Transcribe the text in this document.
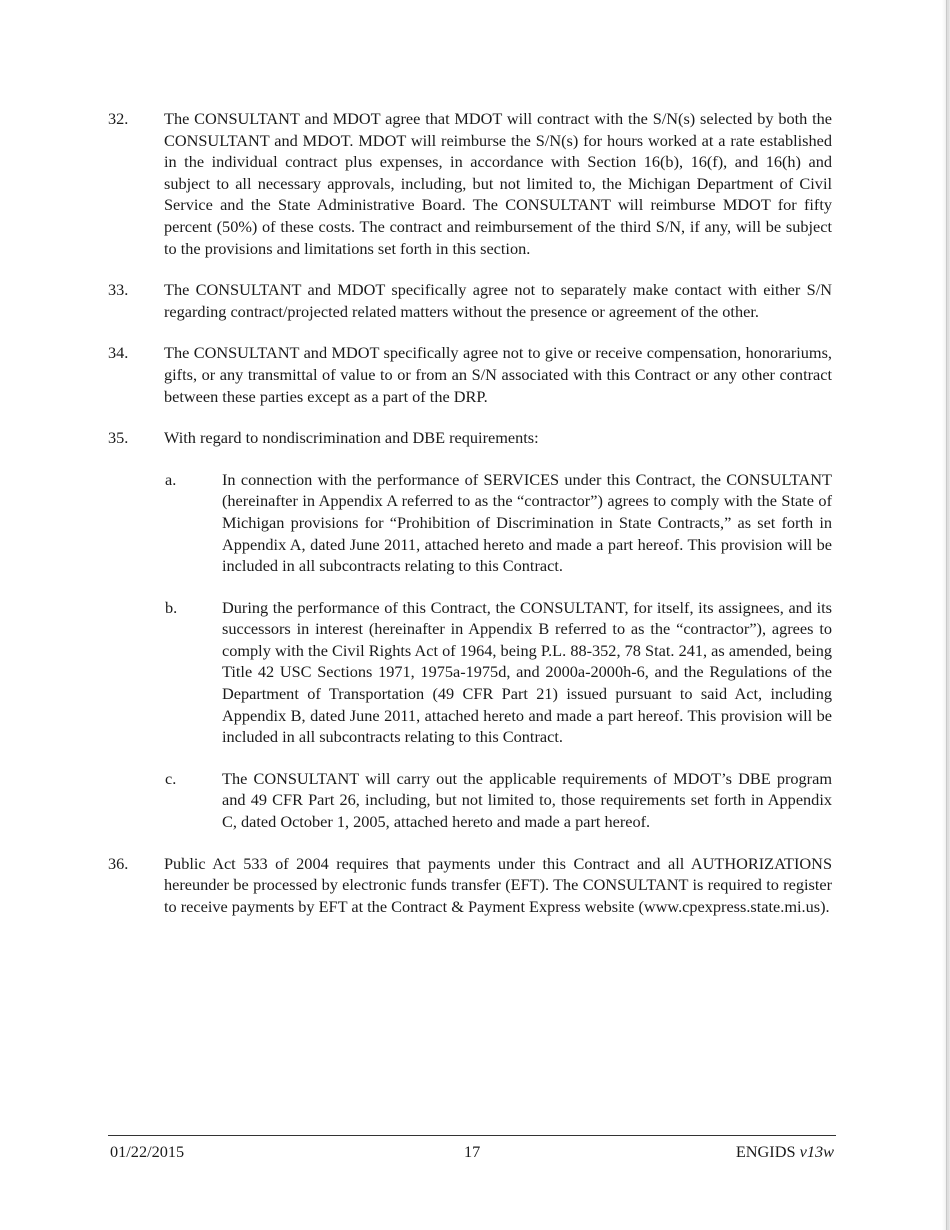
32. The CONSULTANT and MDOT agree that MDOT will contract with the S/N(s) selected by both the CONSULTANT and MDOT. MDOT will reimburse the S/N(s) for hours worked at a rate established in the individual contract plus expenses, in accordance with Section 16(b), 16(f), and 16(h) and subject to all necessary approvals, including, but not limited to, the Michigan Department of Civil Service and the State Administrative Board. The CONSULTANT will reimburse MDOT for fifty percent (50%) of these costs. The contract and reimbursement of the third S/N, if any, will be subject to the provisions and limitations set forth in this section.
33. The CONSULTANT and MDOT specifically agree not to separately make contact with either S/N regarding contract/projected related matters without the presence or agreement of the other.
34. The CONSULTANT and MDOT specifically agree not to give or receive compensation, honorariums, gifts, or any transmittal of value to or from an S/N associated with this Contract or any other contract between these parties except as a part of the DRP.
35. With regard to nondiscrimination and DBE requirements:
a.	In connection with the performance of SERVICES under this Contract, the CONSULTANT (hereinafter in Appendix A referred to as the “contractor”) agrees to comply with the State of Michigan provisions for “Prohibition of Discrimination in State Contracts,” as set forth in Appendix A, dated June 2011, attached hereto and made a part hereof. This provision will be included in all subcontracts relating to this Contract.
b.	During the performance of this Contract, the CONSULTANT, for itself, its assignees, and its successors in interest (hereinafter in Appendix B referred to as the “contractor”), agrees to comply with the Civil Rights Act of 1964, being P.L. 88-352, 78 Stat. 241, as amended, being Title 42 USC Sections 1971, 1975a-1975d, and 2000a-2000h-6, and the Regulations of the Department of Transportation (49 CFR Part 21) issued pursuant to said Act, including Appendix B, dated June 2011, attached hereto and made a part hereof. This provision will be included in all subcontracts relating to this Contract.
c.	The CONSULTANT will carry out the applicable requirements of MDOT’s DBE program and 49 CFR Part 26, including, but not limited to, those requirements set forth in Appendix C, dated October 1, 2005, attached hereto and made a part hereof.
36. Public Act 533 of 2004 requires that payments under this Contract and all AUTHORIZATIONS hereunder be processed by electronic funds transfer (EFT). The CONSULTANT is required to register to receive payments by EFT at the Contract & Payment Express website (www.cpexpress.state.mi.us).
01/22/2015	17	ENGIDS v13w
